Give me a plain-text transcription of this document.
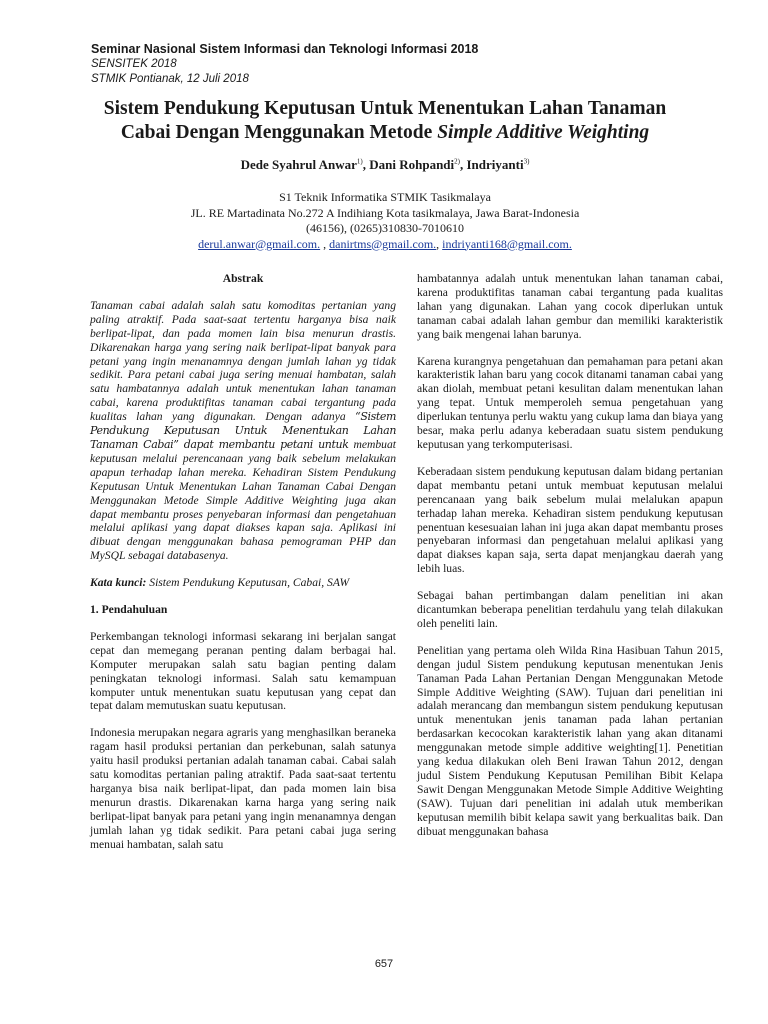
Seminar Nasional Sistem Informasi dan Teknologi Informasi 2018
SENSITEK 2018
STMIK Pontianak, 12 Juli 2018
Sistem Pendukung Keputusan Untuk Menentukan Lahan Tanaman
Cabai Dengan Menggunakan Metode Simple Additive Weighting
Dede Syahrul Anwar$^{1)}$, Dani Rohpandi$^{2)}$, Indriyanti$^{3)}$
S1 Teknik Informatika STMIK Tasikmalaya
JL. RE Martadinata No.272 A Indihiang Kota tasikmalaya, Jawa Barat-Indonesia
(46156), (0265)310830-7010610
derul.anwar@gmail.com. , danirtms@gmail.com., indriyanti168@gmail.com.
Abstrak

Tanaman cabai adalah salah satu komoditas pertanian yang paling atraktif. Pada saat-saat tertentu harganya bisa naik berlipat-lipat, dan pada momen lain bisa menurun drastis. Dikarenakan harga yang sering naik berlipat-lipat banyak para petani yang ingin menanamnya dengan jumlah lahan yg tidak sedikit. Para petani cabai juga sering menuai hambatan, salah satu hambatannya adalah untuk menentukan lahan tanaman cabai, karena produktifitas tanaman cabai tergantung pada kualitas lahan yang digunakan. Dengan adanya “Sistem Pendukung Keputusan Untuk Menentukan Lahan Tanaman Cabai” dapat membantu petani untuk membuat keputusan melalui perencanaan yang baik sebelum melakukan apapun terhadap lahan mereka. Kehadiran Sistem Pendukung Keputusan Untuk Menentukan Lahan Tanaman Cabai Dengan Menggunakan Metode Simple Additive Weighting juga akan dapat membantu proses penyebaran informasi dan pengetahuan melalui aplikasi yang dapat diakses kapan saja. Aplikasi ini dibuat dengan menggunakan bahasa pemograman PHP dan MySQL sebagai databasenya.

Kata kunci: Sistem Pendukung Keputusan, Cabai, SAW

1. Pendahuluan

Perkembangan teknologi informasi sekarang ini berjalan sangat cepat dan memegang peranan penting dalam berbagai hal. Komputer merupakan salah satu bagian penting dalam peningkatan teknologi informasi. Salah satu kemampuan komputer untuk menentukan suatu keputusan yang cepat dan tepat dalam memutuskan suatu keputusan.

Indonesia merupakan negara agraris yang menghasilkan beraneka ragam hasil produksi pertanian dan perkebunan, salah satunya yaitu hasil produksi pertanian adalah tanaman cabai. Cabai salah satu komoditas pertanian paling atraktif. Pada saat-saat tertentu harganya bisa naik berlipat-lipat, dan pada momen lain bisa menurun drastis. Dikarenakan karna harga yang sering naik berlipat-lipat banyak para petani yang ingin menanamnya dengan jumlah lahan yg tidak sedikit. Para petani cabai juga sering menuai hambatan, salah satu

hambatannya adalah untuk menentukan lahan tanaman cabai, karena produktifitas tanaman cabai tergantung pada kualitas lahan yang digunakan. Lahan yang cocok diperlukan untuk tanaman cabai adalah lahan gembur dan memiliki karakteristik yang baik mengenai lahan barunya.

Karena kurangnya pengetahuan dan pemahaman para petani akan karakteristik lahan baru yang cocok ditanami tanaman cabai yang akan diolah, membuat petani kesulitan dalam menentukan lahan yang tepat. Untuk memperoleh semua pengetahuan yang diperlukan tentunya perlu waktu yang cukup lama dan biaya yang besar, maka perlu adanya keberadaan suatu sistem pendukung keputusan yang terkomputerisasi.

Keberadaan sistem pendukung keputusan dalam bidang pertanian dapat membantu petani untuk membuat keputusan melalui perencanaan yang baik sebelum mulai melalukan apapun terhadap lahan mereka. Kehadiran sistem pendukung keputusan penentuan kesesuaian lahan ini juga akan dapat membantu proses penyebaran informasi dan pengetahuan melalui aplikasi yang dapat diakses kapan saja, serta dapat menjangkau daerah yang lebih luas.

Sebagai bahan pertimbangan dalam penelitian ini akan dicantumkan beberapa penelitian terdahulu yang telah dilakukan oleh peneliti lain.

Penelitian yang pertama oleh Wilda Rina Hasibuan Tahun 2015, dengan judul Sistem pendukung keputusan menentukan Jenis Tanaman Pada Lahan Pertanian Dengan Menggunakan Metode Simple Additive Weighting (SAW). Tujuan dari penelitian ini adalah merancang dan membangun sistem pendukung keputusan untuk menentukan jenis tanaman pada lahan pertanian berdasarkan kecocokan karakteristik lahan yang akan ditanami menggunakan metode simple additive weighting[1]. Penetitian yang kedua dilakukan oleh Beni Irawan Tahun 2012, dengan judul Sistem Pendukung Keputusan Pemilihan Bibit Kelapa Sawit Dengan Menggunakan Metode Simple Additive Weighting (SAW). Tujuan dari penelitian ini adalah utuk memberikan keputusan memilih bibit kelapa sawit yang berkualitas baik. Dan dibuat menggunakan bahasa

657
